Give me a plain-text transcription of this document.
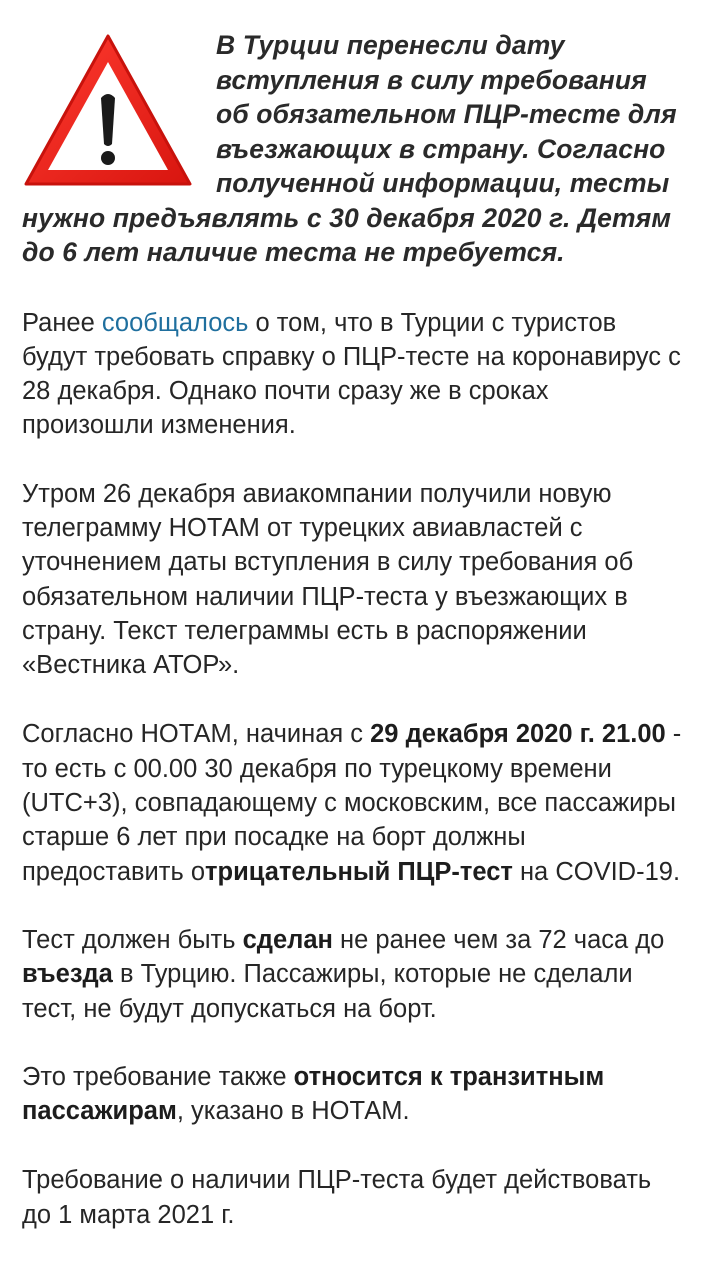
В Турции перенесли дату вступления в силу требования об обязательном ПЦР-тесте для въезжающих в страну. Согласно полученной информации, тесты нужно предъявлять с 30 декабря 2020 г. Детям до 6 лет наличие теста не требуется.

Ранее сообщалось о том, что в Турции с туристов будут требовать справку о ПЦР-тесте на коронавирус с 28 декабря. Однако почти сразу же в сроках произошли изменения.

Утром 26 декабря авиакомпании получили новую телеграмму НОТАМ от турецких авиавластей с уточнением даты вступления в силу требования об обязательном наличии ПЦР-теста у въезжающих в страну. Текст телеграммы есть в распоряжении «Вестника АТОР».

Согласно НОТАМ, начиная с 29 декабря 2020 г. 21.00 - то есть с 00.00 30 декабря по турецкому времени (UTC+3), совпадающему с московским, все пассажиры старше 6 лет при посадке на борт должны предоставить отрицательный ПЦР-тест на COVID-19.

Тест должен быть сделан не ранее чем за 72 часа до въезда в Турцию. Пассажиры, которые не сделали тест, не будут допускаться на борт.

Это требование также относится к транзитным пассажирам, указано в НОТАМ.

Требование о наличии ПЦР-теста будет действовать до 1 марта 2021 г.
